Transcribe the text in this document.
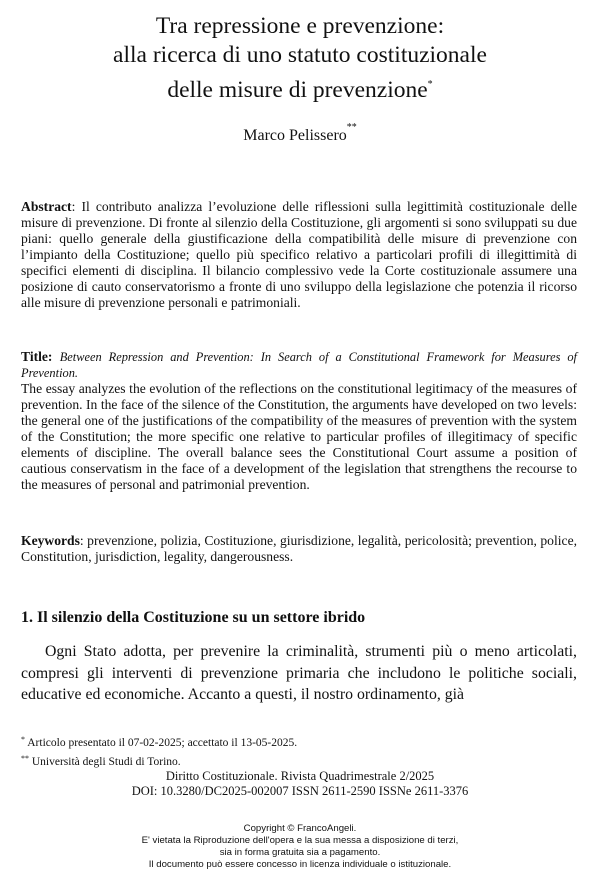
Tra repressione e prevenzione:
alla ricerca di uno statuto costituzionale
delle misure di prevenzione*
Marco Pelissero**
Abstract: Il contributo analizza l’evoluzione delle riflessioni sulla legittimità costituzionale delle misure di prevenzione. Di fronte al silenzio della Costituzione, gli argomenti si sono sviluppati su due piani: quello generale della giustificazione della compatibilità delle misure di prevenzione con l’impianto della Costituzione; quello più specifico relativo a particolari profili di illegittimità di specifici elementi di disciplina. Il bilancio complessivo vede la Corte costituzionale assumere una posizione di cauto conservatorismo a fronte di uno sviluppo della legislazione che potenzia il ricorso alle misure di prevenzione personali e patrimoniali.
Title: Between Repression and Prevention: In Search of a Constitutional Framework for Measures of Prevention.
The essay analyzes the evolution of the reflections on the constitutional legitimacy of the measures of prevention. In the face of the silence of the Constitution, the arguments have developed on two levels: the general one of the justifications of the compatibility of the measures of prevention with the system of the Constitution; the more specific one relative to particular profiles of illegitimacy of specific elements of discipline. The overall balance sees the Constitutional Court assume a position of cautious conservatism in the face of a development of the legislation that strengthens the recourse to the measures of personal and patrimonial prevention.
Keywords: prevenzione, polizia, Costituzione, giurisdizione, legalità, pericolosità; prevention, police, Constitution, jurisdiction, legality, dangerousness.
1. Il silenzio della Costituzione su un settore ibrido
Ogni Stato adotta, per prevenire la criminalità, strumenti più o meno articolati, compresi gli interventi di prevenzione primaria che includono le politiche sociali, educative ed economiche. Accanto a questi, il nostro ordinamento, già
* Articolo presentato il 07-02-2025; accettato il 13-05-2025.
** Università degli Studi di Torino.
Diritto Costituzionale. Rivista Quadrimestrale 2/2025
DOI: 10.3280/DC2025-002007 ISSN 2611-2590 ISSNe 2611-3376
Copyright © FrancoAngeli.
E' vietata la Riproduzione dell'opera e la sua messa a disposizione di terzi,
sia in forma gratuita sia a pagamento.
Il documento può essere concesso in licenza individuale o istituzionale.
